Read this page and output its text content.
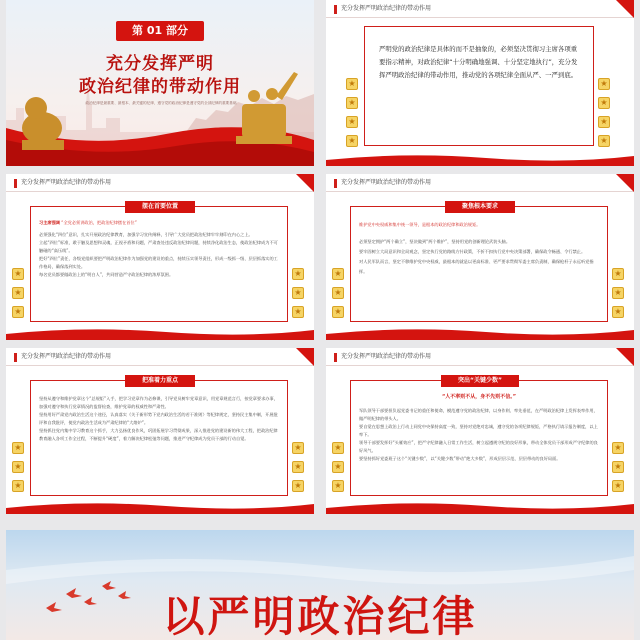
第 01 部分
充分发挥严明
政治纪律的带动作用
政治纪律是最重要、最根本、最关键的纪律，遵守党的政治纪律是遵守党的全部纪律的重要基础
充分发挥严明政治纪律的带动作用
★
★
★
★
★
★
★
★
严明党的政治纪律是具体的而不是抽象的，必须坚决贯彻习主席各项重要指示精神，对政治纪律“十分明确地强调、十分坚定地执行”，充分发挥严明政治纪律的带动作用，推动党的各项纪律全面从严、一严到底。
充分发挥严明政治纪律的带动作用
★
★
★
★
★
★
摆在首要位置
习主席强调 “全党必须讲政治，把政治纪律摆在首位”
必须强化“四位”意识，扎实开展政治纪律教育，加强学习宣传阐释，引导广大党员把政治纪律牢牢刻印在内心之上。
立起“四位”标准，敢于触及思想和灵魂，正视矛盾和问题，严肃查处违反政治纪律问题，持续净化政治生态，使政治纪律成为不可触碰的“高压线”。
把好“四位”责任，各级党组织要把严明政治纪律作为加强党的建设的重点，持续压实领导责任，形成一级抓一级、层层抓落实的工作格局，确保落到实处。
每名党员都要做政治上的“明白人”，共同营造严守政治纪律的浓厚氛围。
充分发挥严明政治纪律的带动作用
★
★
★
★
★
★
聚焦根本要求
维护党中央权威和集中统一领导，是根本的政治纪律和政治规矩。
必须坚定拥护“两个确立”，坚决做到“两个维护”，坚持用党的创新理论武装头脑。
要牢固树立大局意识和全局观念，坚定执行党的路线方针政策，不折不扣执行党中央决策部署，确保政令畅通、令行禁止。
对人民军队而言，坚定不移维护党中央权威，最根本的就是以更高标准、更严要求贯彻军委主席负责制，确保枪杆子永远听党指挥。
充分发挥严明政治纪律的带动作用
★
★
★
★
★
★
把准着力重点
坚持从遵守和维护党章这个“总规矩”入手，把学习党章作为必修课，引导党员树牢党章意识，用党章规范言行，按党章要求办事，加强对遵守和执行党章情况的监督检查，维护党章的权威性和严肃性。
坚持用好严肃党内政治生活这个途径，认真落实《关于新形势下党内政治生活的若干准则》等纪律规定，坚持民主集中制，开展批评和自我批评，使党内政治生活成为严肃纪律的“大熔炉”。
坚持抓住党内集中学习教育这个抓手，大力弘扬优良作风，巩固拓展学习贯彻成果，深入推进党的建设新的伟大工程，把政治纪律教育融入各项工作全过程，不断提升“硬度”，着力解决纪律松弛等问题，推进严守纪律成为党员干部的行动自觉。
充分发挥严明政治纪律的带动作用
★
★
★
★
★
★
突出“关键少数”
“人不率则不从，身不先则不信。”
军队领导干部要担负起党委书记的重任和使命，模范遵守党的政治纪律，以身作则、率先垂范，在严明政治纪律上发挥表率作用，做严明纪律的带头人。
要自觉在思想上政治上行动上同党中央保持高度一致，坚持对党绝对忠诚，遵守党的各项纪律规矩，严格执行请示报告制度，以上率下。
领导干部要发挥好“头雁效应”，把严守纪律融入日常工作生活，树立起遵规守纪的良好形象，带动全体党员干部形成严守纪律的良好风气。
要坚持抓好党委班子这个“关键少数”，以“关键少数”带动“绝大多数”，形成层层示范、层层带动的良好局面。
以严明政治纪律
